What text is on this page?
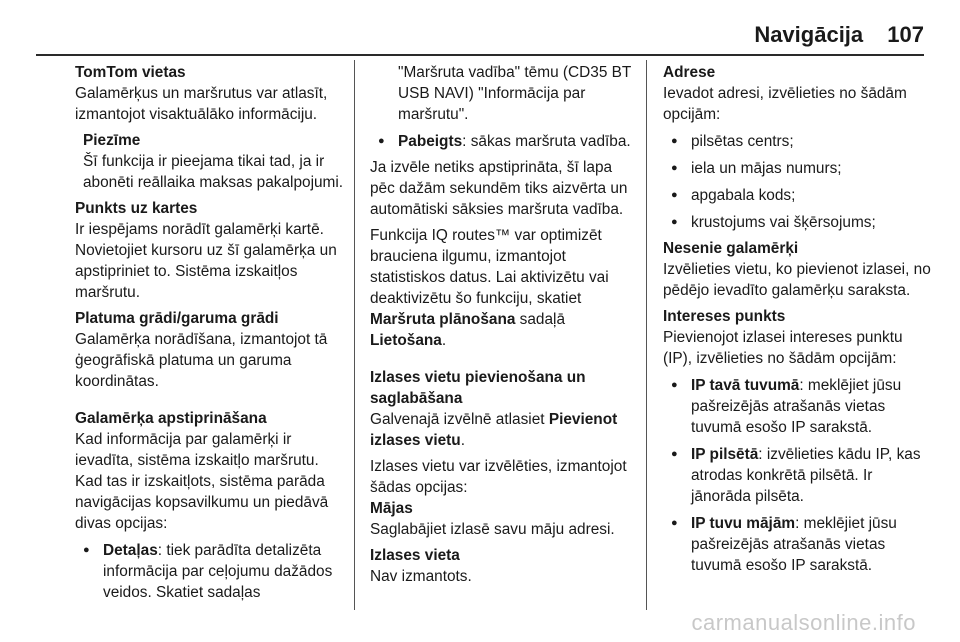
Navigācija 107

TomTom vietas

Galamērķus un maršrutus var atlasīt, izmantojot visaktuālāko informāciju.

Piezīme

Šī funkcija ir pieejama tikai tad, ja ir abonēti reāllaika maksas pakalpojumi.

Punkts uz kartes

Ir iespējams norādīt galamērķi kartē. Novietojiet kursoru uz šī galamērķa un apstipriniet to. Sistēma izskaitļos maršrutu.

Platuma grādi/garuma grādi

Galamērķa norādīšana, izmantojot tā ģeogrāfiskā platuma un garuma koordinātas.

Galamērķa apstiprināšana

Kad informācija par galamērķi ir ievadīta, sistēma izskaitļo maršrutu. Kad tas ir izskaitļots, sistēma parāda navigācijas kopsavilkumu un piedāvā divas opcijas:

● Detaļas: tiek parādīta detalizēta informācija par ceļojumu dažādos veidos. Skatiet sadaļas

"Maršruta vadība" tēmu (CD35 BT USB NAVI) "Informācija par maršrutu".

● Pabeigts: sākas maršruta vadība.

Ja izvēle netiks apstiprināta, šī lapa pēc dažām sekundēm tiks aizvērta un automātiski sāksies maršruta vadība.

Funkcija IQ routes™ var optimizēt brauciena ilgumu, izmantojot statistiskos datus. Lai aktivizētu vai deaktivizētu šo funkciju, skatiet
Maršruta plānošana sadaļā
Lietošana.

Izlases vietu pievienošana un saglabāšana

Galvenajā izvēlnē atlasiet Pievienot izlases vietu.

Izlases vietu var izvēlēties, izmantojot šādas opcijas:

Mājas

Saglabājiet izlasē savu māju adresi.

Izlases vieta

Nav izmantots.

Adrese

Ievadot adresi, izvēlieties no šādām opcijām:

● pilsētas centrs;
● iela un mājas numurs;
● apgabala kods;
● krustojums vai šķērsojums;

Nesenie galamērķi

Izvēlieties vietu, ko pievienot izlasei, no pēdējo ievadīto galamērķu saraksta.

Intereses punkts

Pievienojot izlasei intereses punktu (IP), izvēlieties no šādām opcijām:

● IP tavā tuvumā: meklējiet jūsu pašreizējās atrašanās vietas tuvumā esošo IP sarakstā.
● IP pilsētā: izvēlieties kādu IP, kas atrodas konkrētā pilsētā. Ir jānorāda pilsēta.
● IP tuvu mājām: meklējiet jūsu pašreizējās atrašanās vietas tuvumā esošo IP sarakstā.
carmanualsonline.info
